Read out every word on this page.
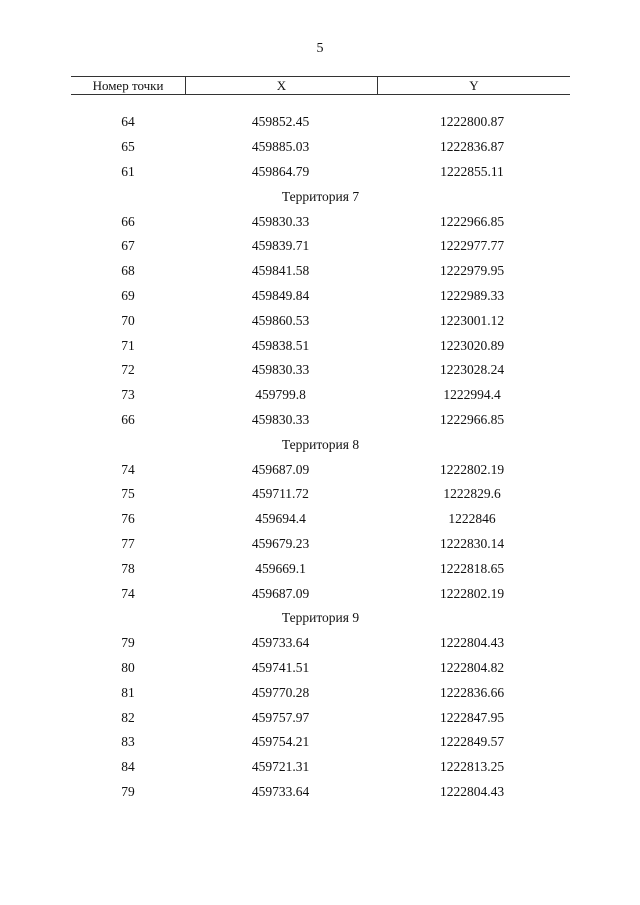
5
Номер точки	X	Y
64	459852.45	1222800.87
65	459885.03	1222836.87
61	459864.79	1222855.11
Территория 7
66	459830.33	1222966.85
67	459839.71	1222977.77
68	459841.58	1222979.95
69	459849.84	1222989.33
70	459860.53	1223001.12
71	459838.51	1223020.89
72	459830.33	1223028.24
73	459799.8	1222994.4
66	459830.33	1222966.85
Территория 8
74	459687.09	1222802.19
75	459711.72	1222829.6
76	459694.4	1222846
77	459679.23	1222830.14
78	459669.1	1222818.65
74	459687.09	1222802.19
Территория 9
79	459733.64	1222804.43
80	459741.51	1222804.82
81	459770.28	1222836.66
82	459757.97	1222847.95
83	459754.21	1222849.57
84	459721.31	1222813.25
79	459733.64	1222804.43
